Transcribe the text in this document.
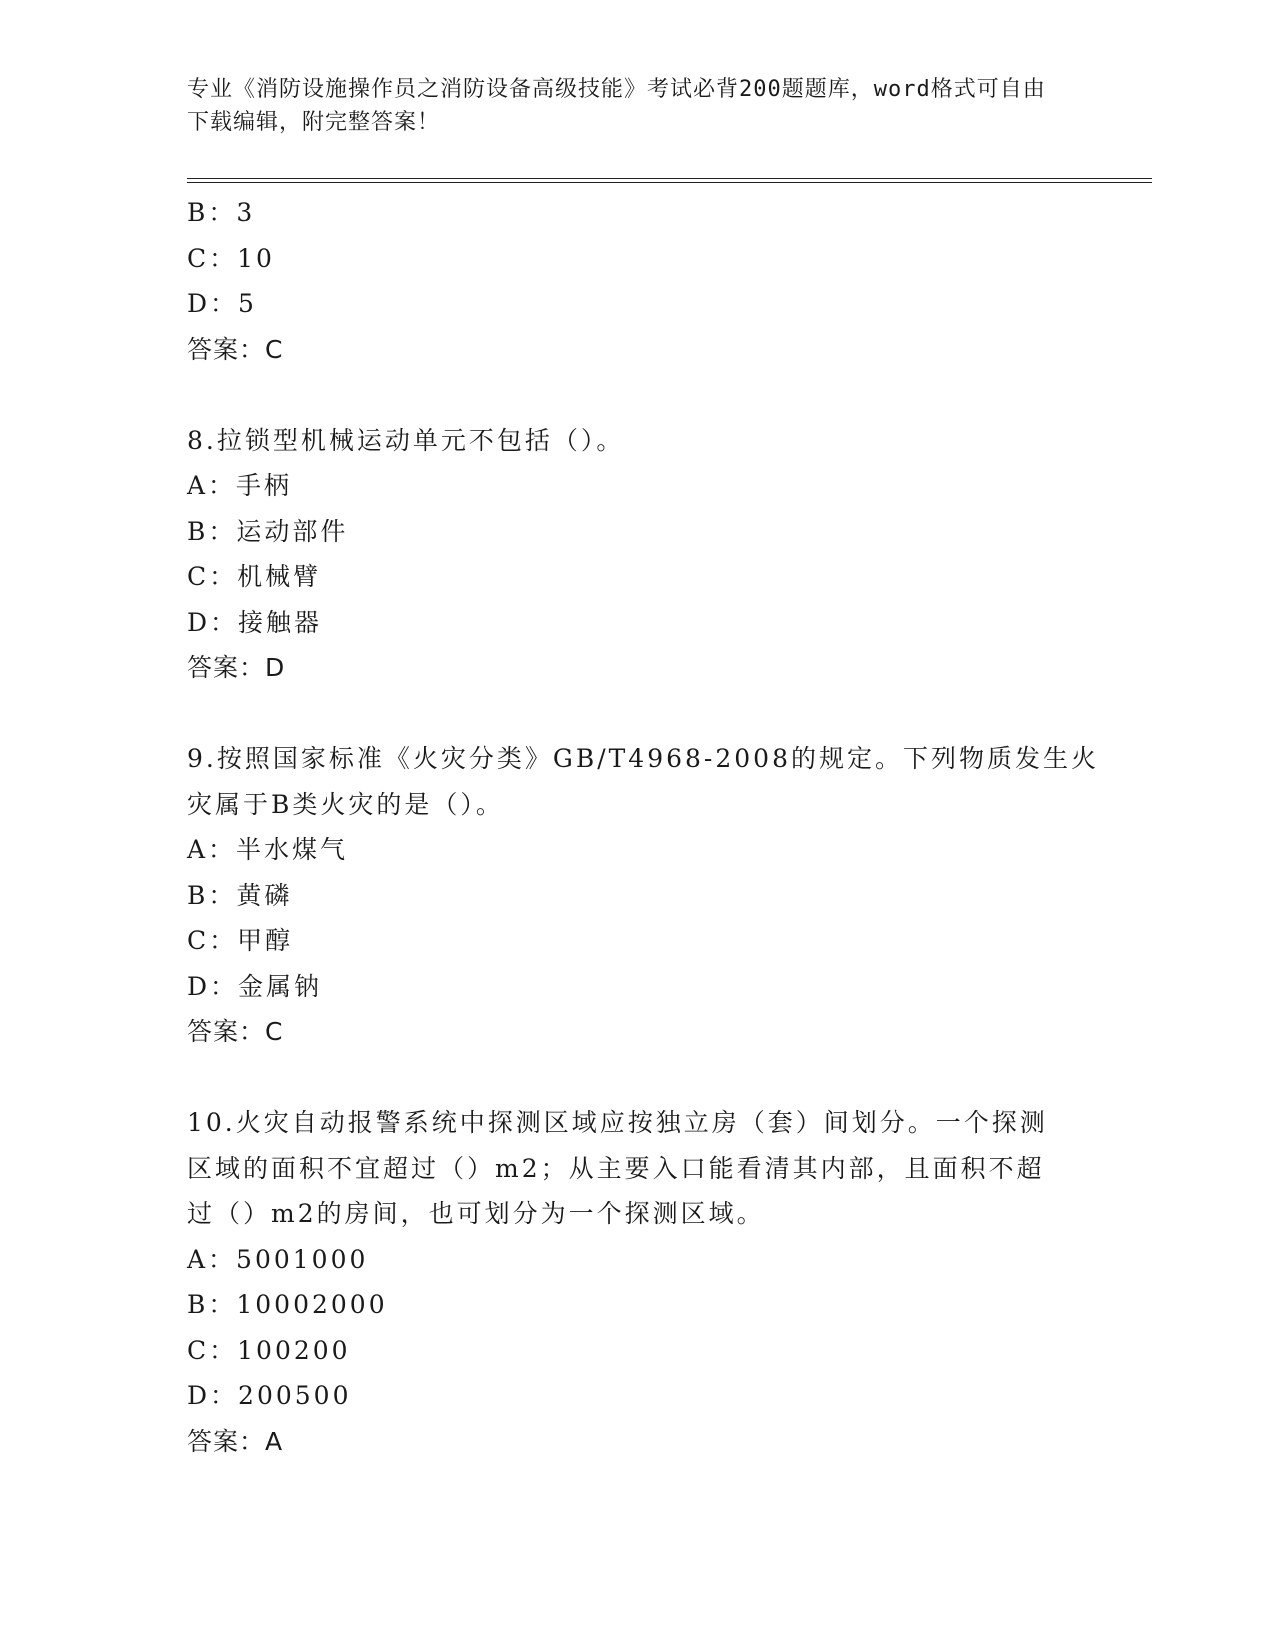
专业《消防设施操作员之消防设备高级技能》考试必背200题题库，word格式可自由下载编辑，附完整答案！
B：3
C：10
D：5
答案：C
8.拉锁型机械运动单元不包括（）。
A：手柄
B：运动部件
C：机械臂
D：接触器
答案：D
9.按照国家标准《火灾分类》GB/T4968-2008的规定。下列物质发生火
灾属于B类火灾的是（）。
A：半水煤气
B：黄磷
C：甲醇
D：金属钠
答案：C
10.火灾自动报警系统中探测区域应按独立房（套）间划分。一个探测
区域的面积不宜超过（）m2；从主要入口能看清其内部，且面积不超
过（）m2的房间，也可划分为一个探测区域。
A：5001000
B：10002000
C：100200
D：200500
答案：A
